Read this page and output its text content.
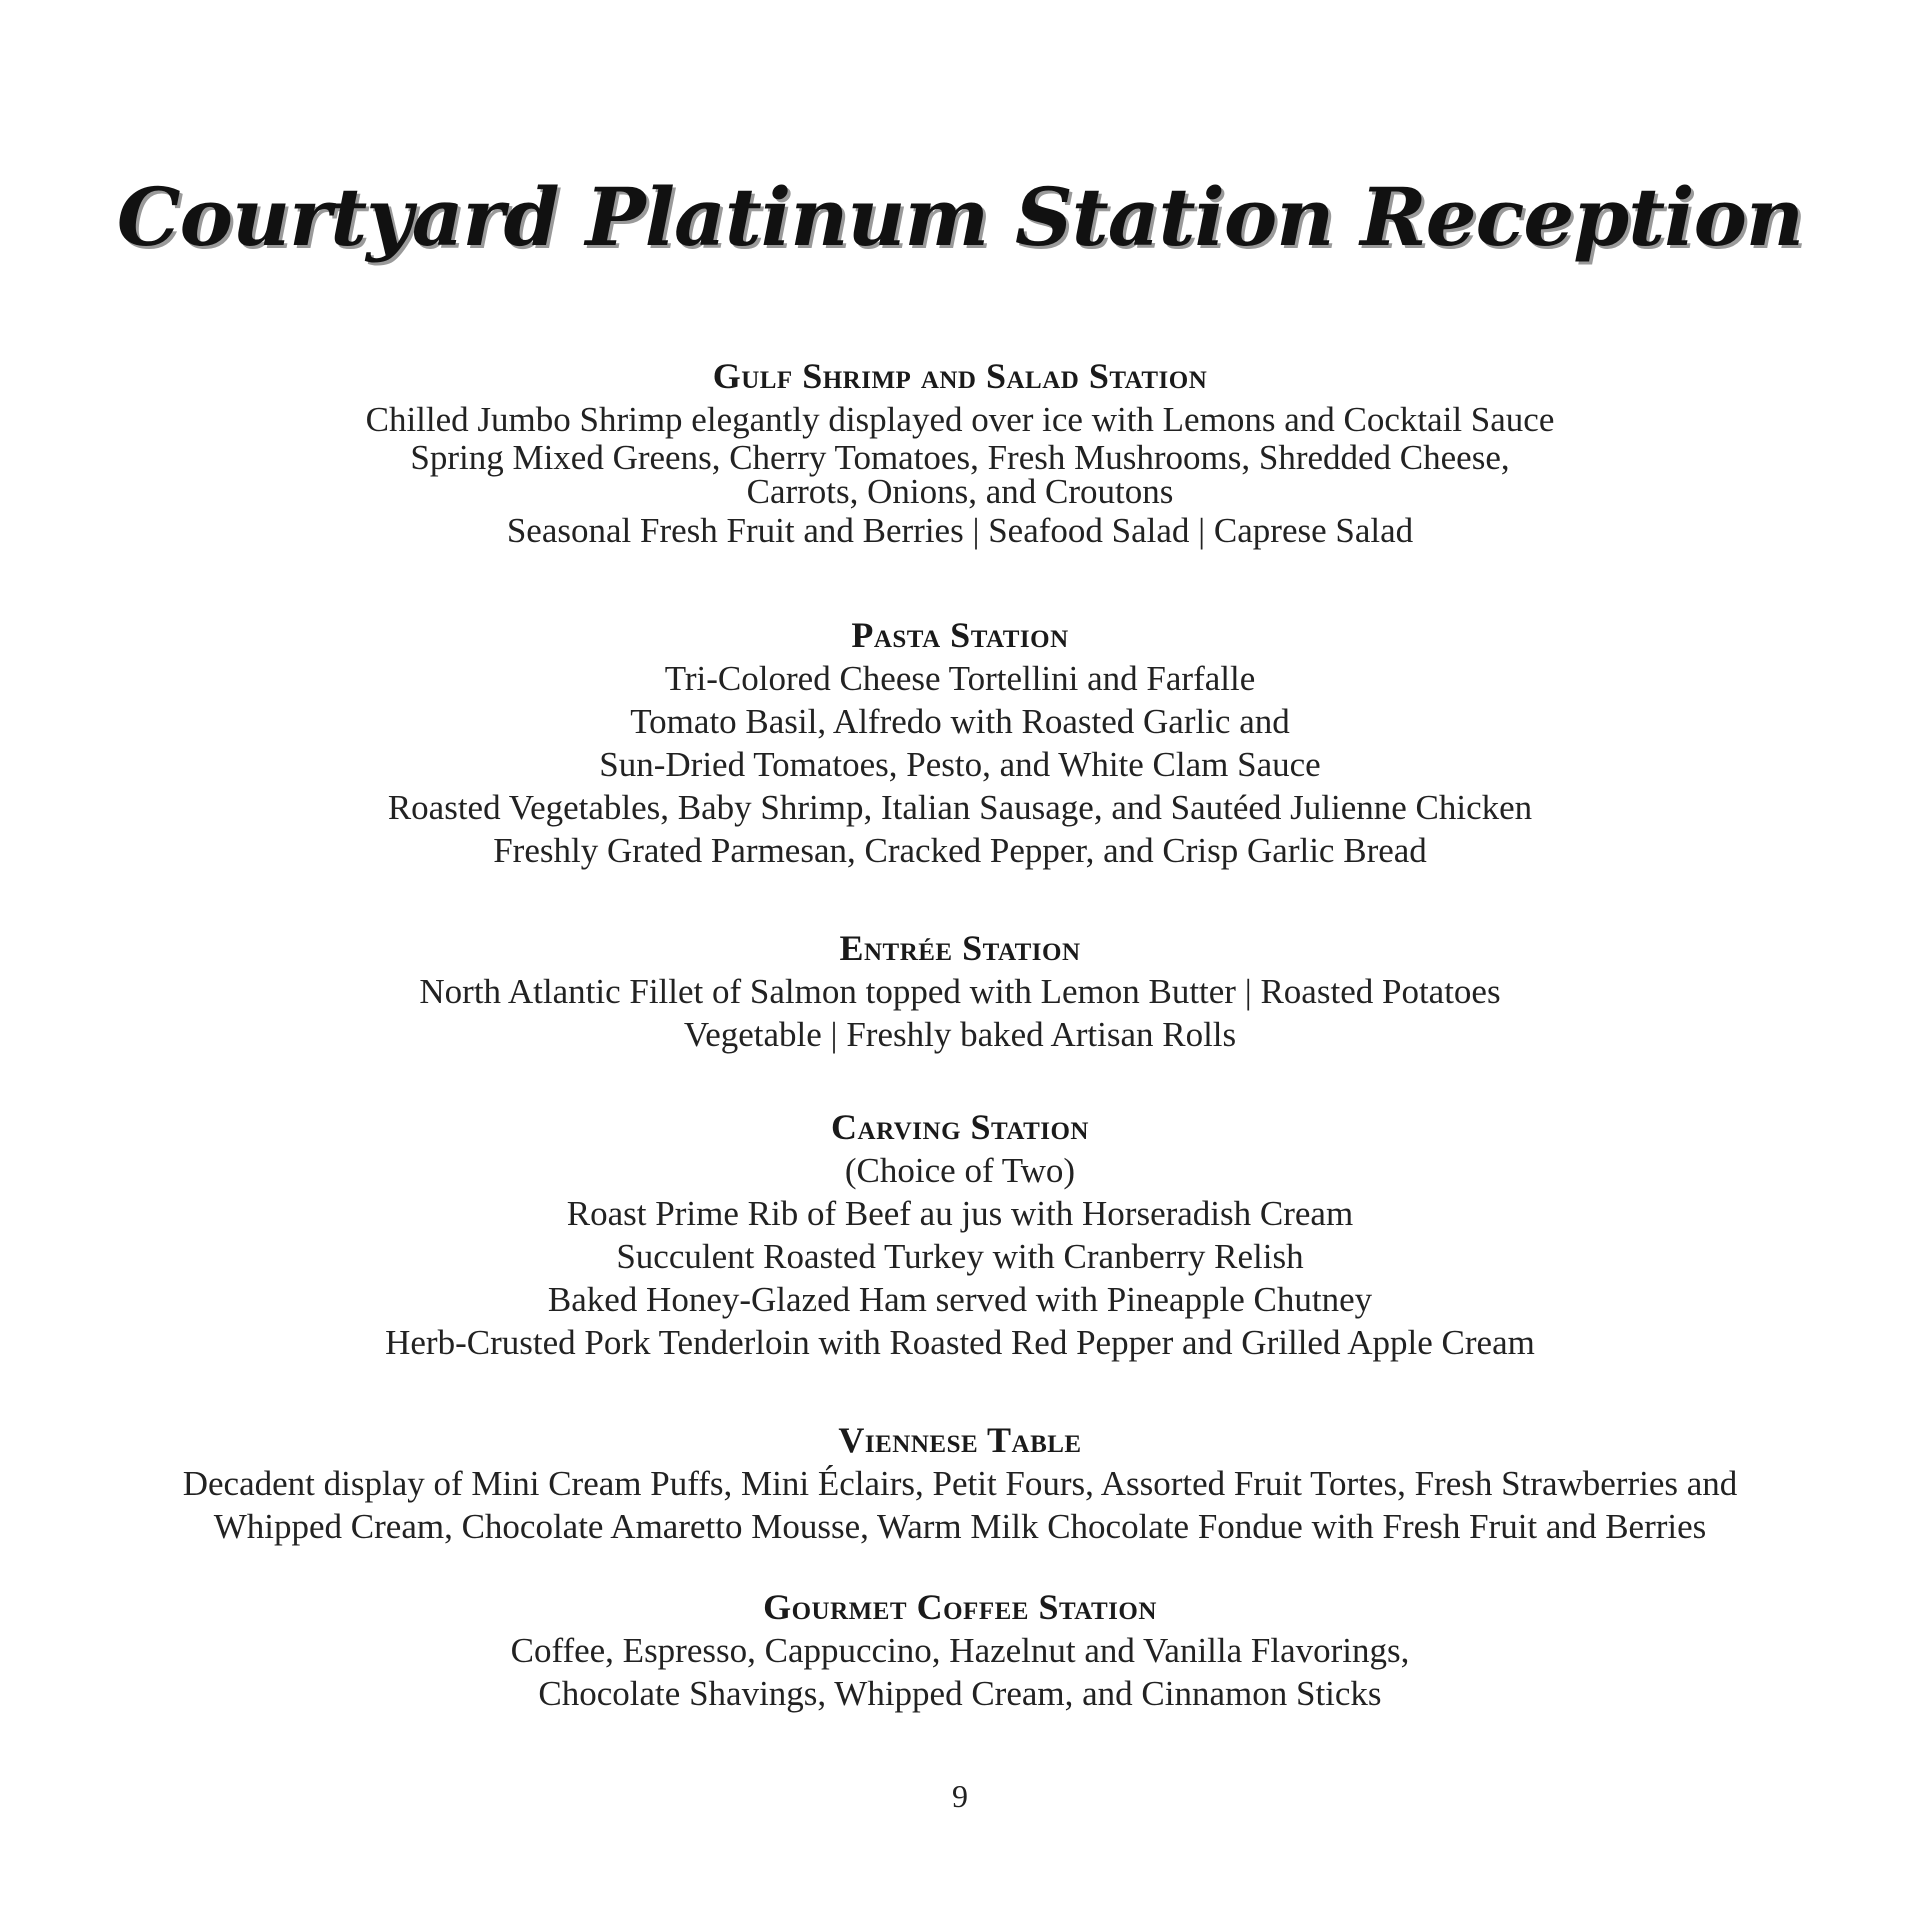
Courtyard Platinum Station Reception
Gulf Shrimp and Salad Station

Chilled Jumbo Shrimp elegantly displayed over ice with Lemons and Cocktail Sauce

Spring Mixed Greens, Cherry Tomatoes, Fresh Mushrooms, Shredded Cheese,

Carrots, Onions, and Croutons

Seasonal Fresh Fruit and Berries | Seafood Salad | Caprese Salad

Pasta Station

Tri-Colored Cheese Tortellini and Farfalle

Tomato Basil, Alfredo with Roasted Garlic and

Sun-Dried Tomatoes, Pesto, and White Clam Sauce

Roasted Vegetables, Baby Shrimp, Italian Sausage, and Sautéed Julienne Chicken

Freshly Grated Parmesan, Cracked Pepper, and Crisp Garlic Bread

Entrée Station

North Atlantic Fillet of Salmon topped with Lemon Butter | Roasted Potatoes

Vegetable | Freshly baked Artisan Rolls

Carving Station

(Choice of Two)

Roast Prime Rib of Beef au jus with Horseradish Cream

Succulent Roasted Turkey with Cranberry Relish

Baked Honey-Glazed Ham served with Pineapple Chutney

Herb-Crusted Pork Tenderloin with Roasted Red Pepper and Grilled Apple Cream

Viennese Table

Decadent display of Mini Cream Puffs, Mini Éclairs, Petit Fours, Assorted Fruit Tortes, Fresh Strawberries and

Whipped Cream, Chocolate Amaretto Mousse, Warm Milk Chocolate Fondue with Fresh Fruit and Berries

Gourmet Coffee Station

Coffee, Espresso, Cappuccino, Hazelnut and Vanilla Flavorings,

Chocolate Shavings, Whipped Cream, and Cinnamon Sticks

9
